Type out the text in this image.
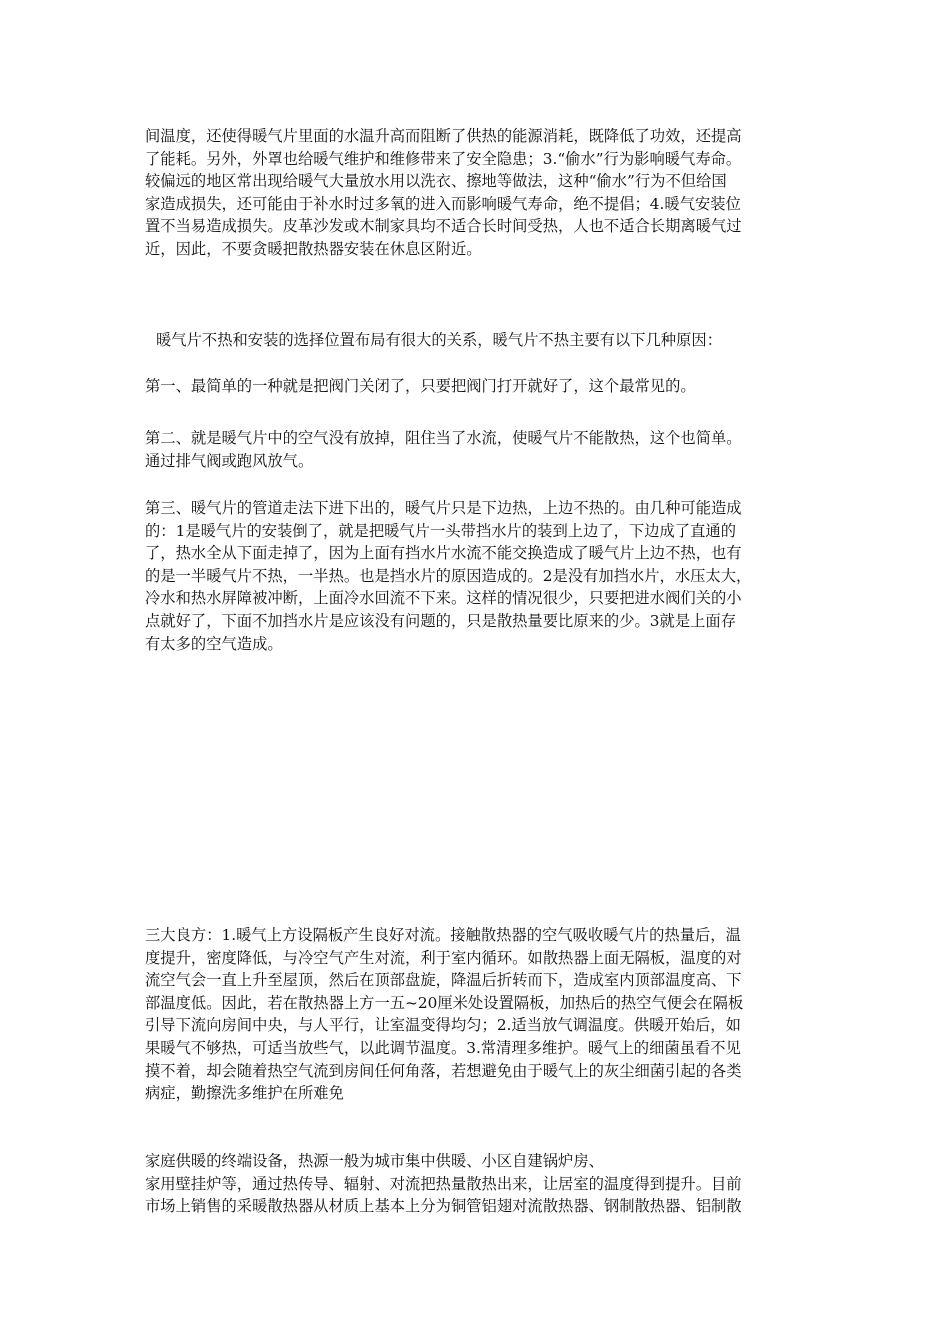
间温度，还使得暖气片里面的水温升高而阻断了供热的能源消耗，既降低了功效，还提高
了能耗。另外，外罩也给暖气维护和维修带来了安全隐患；3.“偷水”行为影响暖气寿命。
较偏远的地区常出现给暖气大量放水用以洗衣、擦地等做法，这种“偷水”行为不但给国
家造成损失，还可能由于补水时过多氧的进入而影响暖气寿命，绝不提倡；4.暖气安装位
置不当易造成损失。皮革沙发或木制家具均不适合长时间受热，人也不适合长期离暖气过
近，因此，不要贪暖把散热器安装在休息区附近。

暖气片不热和安装的选择位置布局有很大的关系，暖气片不热主要有以下几种原因：

第一、最简单的一种就是把阀门关闭了，只要把阀门打开就好了，这个最常见的。

第二、就是暖气片中的空气没有放掉，阻住当了水流，使暖气片不能散热，这个也简单。
通过排气阀或跑风放气。

第三、暖气片的管道走法下进下出的，暖气片只是下边热，上边不热的。由几种可能造成
的：1是暖气片的安装倒了，就是把暖气片一头带挡水片的装到上边了，下边成了直通的
了，热水全从下面走掉了，因为上面有挡水片水流不能交换造成了暖气片上边不热，也有
的是一半暖气片不热，一半热。也是挡水片的原因造成的。2是没有加挡水片，水压太大，
冷水和热水屏障被冲断，上面冷水回流不下来。这样的情况很少，只要把进水阀们关的小
点就好了，下面不加挡水片是应该没有问题的，只是散热量要比原来的少。3就是上面存
有太多的空气造成。

三大良方：1.暖气上方设隔板产生良好对流。接触散热器的空气吸收暖气片的热量后，温
度提升，密度降低，与冷空气产生对流，利于室内循环。如散热器上面无隔板，温度的对
流空气会一直上升至屋顶，然后在顶部盘旋，降温后折转而下，造成室内顶部温度高、下
部温度低。因此，若在散热器上方一五~20厘米处设置隔板，加热后的热空气便会在隔板
引导下流向房间中央，与人平行，让室温变得均匀；2.适当放气调温度。供暖开始后，如
果暖气不够热，可适当放些气，以此调节温度。3.常清理多维护。暖气上的细菌虽看不见
摸不着，却会随着热空气流到房间任何角落，若想避免由于暖气上的灰尘细菌引起的各类
病症，勤擦洗多维护在所难免

家庭供暖的终端设备，热源一般为城市集中供暖、小区自建锅炉房、
家用壁挂炉等，通过热传导、辐射、对流把热量散热出来，让居室的温度得到提升。目前
市场上销售的采暖散热器从材质上基本上分为铜管铝翅对流散热器、钢制散热器、铝制散
